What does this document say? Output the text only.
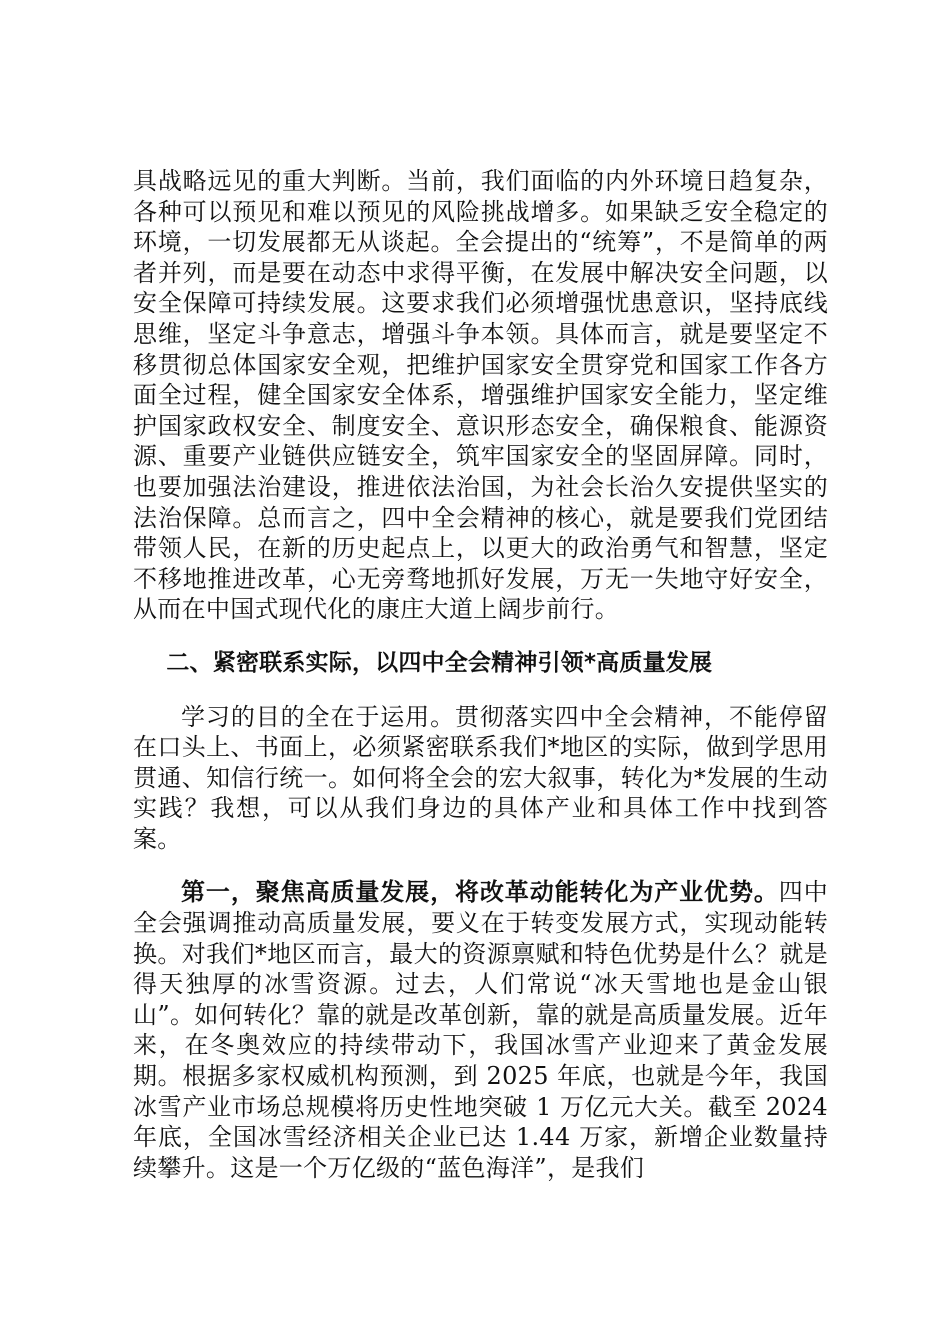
具战略远见的重大判断。当前，我们面临的内外环境日趋复杂，各种可以预见和难以预见的风险挑战增多。如果缺乏安全稳定的环境，一切发展都无从谈起。全会提出的“统筹”，不是简单的两者并列，而是要在动态中求得平衡，在发展中解决安全问题，以安全保障可持续发展。这要求我们必须增强忧患意识，坚持底线思维，坚定斗争意志，增强斗争本领。具体而言，就是要坚定不移贯彻总体国家安全观，把维护国家安全贯穿党和国家工作各方面全过程，健全国家安全体系，增强维护国家安全能力，坚定维护国家政权安全、制度安全、意识形态安全，确保粮食、能源资源、重要产业链供应链安全，筑牢国家安全的坚固屏障。同时，也要加强法治建设，推进依法治国，为社会长治久安提供坚实的法治保障。总而言之，四中全会精神的核心，就是要我们党团结带领人民，在新的历史起点上，以更大的政治勇气和智慧，坚定不移地推进改革，心无旁骛地抓好发展，万无一失地守好安全，从而在中国式现代化的康庄大道上阔步前行。

二、紧密联系实际，以四中全会精神引领*高质量发展

学习的目的全在于运用。贯彻落实四中全会精神，不能停留在口头上、书面上，必须紧密联系我们*地区的实际，做到学思用贯通、知信行统一。如何将全会的宏大叙事，转化为*发展的生动实践？我想，可以从我们身边的具体产业和具体工作中找到答案。

第一，聚焦高质量发展，将改革动能转化为产业优势。四中全会强调推动高质量发展，要义在于转变发展方式，实现动能转换。对我们*地区而言，最大的资源禀赋和特色优势是什么？就是得天独厚的冰雪资源。过去，人们常说“冰天雪地也是金山银山”。如何转化？靠的就是改革创新，靠的就是高质量发展。近年来，在冬奥效应的持续带动下，我国冰雪产业迎来了黄金发展期。根据多家权威机构预测，到 2025 年底，也就是今年，我国冰雪产业市场总规模将历史性地突破 1 万亿元大关。截至 2024 年底，全国冰雪经济相关企业已达 1.44 万家，新增企业数量持续攀升。这是一个万亿级的“蓝色海洋”，是我们
